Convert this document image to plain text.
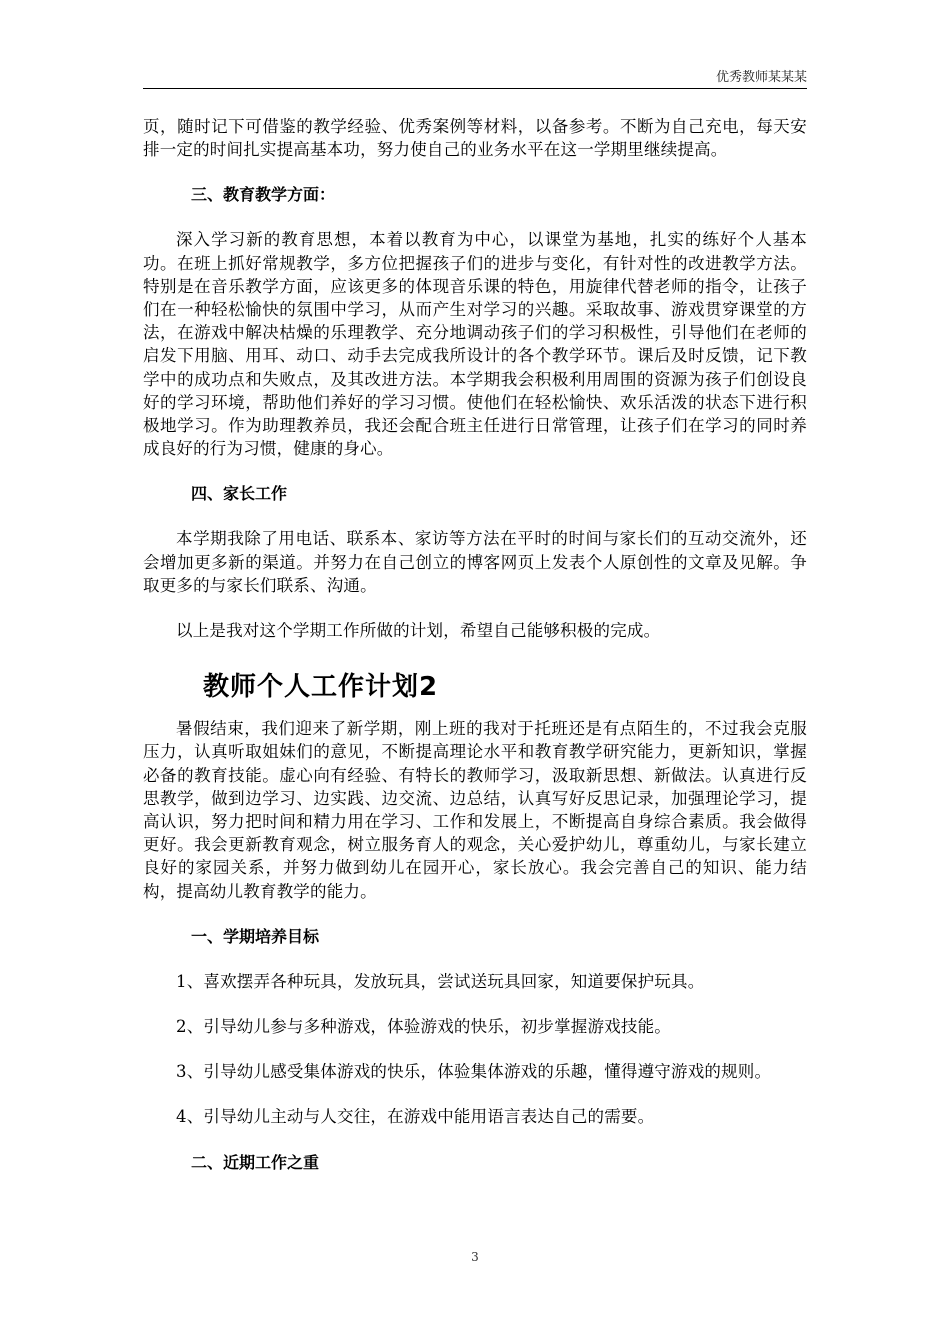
优秀教师某某某

页，随时记下可借鉴的教学经验、优秀案例等材料，以备参考。不断为自己充电，每天安排一定的时间扎实提高基本功，努力使自己的业务水平在这一学期里继续提高。

三、教育教学方面：

深入学习新的教育思想，本着以教育为中心，以课堂为基地，扎实的练好个人基本功。在班上抓好常规教学，多方位把握孩子们的进步与变化，有针对性的改进教学方法。特别是在音乐教学方面，应该更多的体现音乐课的特色，用旋律代替老师的指令，让孩子们在一种轻松愉快的氛围中学习，从而产生对学习的兴趣。采取故事、游戏贯穿课堂的方法，在游戏中解决枯燥的乐理教学、充分地调动孩子们的学习积极性，引导他们在老师的启发下用脑、用耳、动口、动手去完成我所设计的各个教学环节。课后及时反馈，记下教学中的成功点和失败点，及其改进方法。本学期我会积极利用周围的资源为孩子们创设良好的学习环境，帮助他们养好的学习习惯。使他们在轻松愉快、欢乐活泼的状态下进行积极地学习。作为助理教养员，我还会配合班主任进行日常管理，让孩子们在学习的同时养成良好的行为习惯，健康的身心。

四、家长工作

本学期我除了用电话、联系本、家访等方法在平时的时间与家长们的互动交流外，还会增加更多新的渠道。并努力在自己创立的博客网页上发表个人原创性的文章及见解。争取更多的与家长们联系、沟通。

以上是我对这个学期工作所做的计划，希望自己能够积极的完成。

教师个人工作计划2

暑假结束，我们迎来了新学期，刚上班的我对于托班还是有点陌生的，不过我会克服压力，认真听取姐妹们的意见，不断提高理论水平和教育教学研究能力，更新知识，掌握必备的教育技能。虚心向有经验、有特长的教师学习，汲取新思想、新做法。认真进行反思教学，做到边学习、边实践、边交流、边总结，认真写好反思记录，加强理论学习，提高认识，努力把时间和精力用在学习、工作和发展上，不断提高自身综合素质。我会做得更好。我会更新教育观念，树立服务育人的观念，关心爱护幼儿，尊重幼儿，与家长建立良好的家园关系，并努力做到幼儿在园开心，家长放心。我会完善自己的知识、能力结构，提高幼儿教育教学的能力。

一、学期培养目标

1、喜欢摆弄各种玩具，发放玩具，尝试送玩具回家，知道要保护玩具。

2、引导幼儿参与多种游戏，体验游戏的快乐，初步掌握游戏技能。

3、引导幼儿感受集体游戏的快乐，体验集体游戏的乐趣，懂得遵守游戏的规则。

4、引导幼儿主动与人交往，在游戏中能用语言表达自己的需要。

二、近期工作之重

3
